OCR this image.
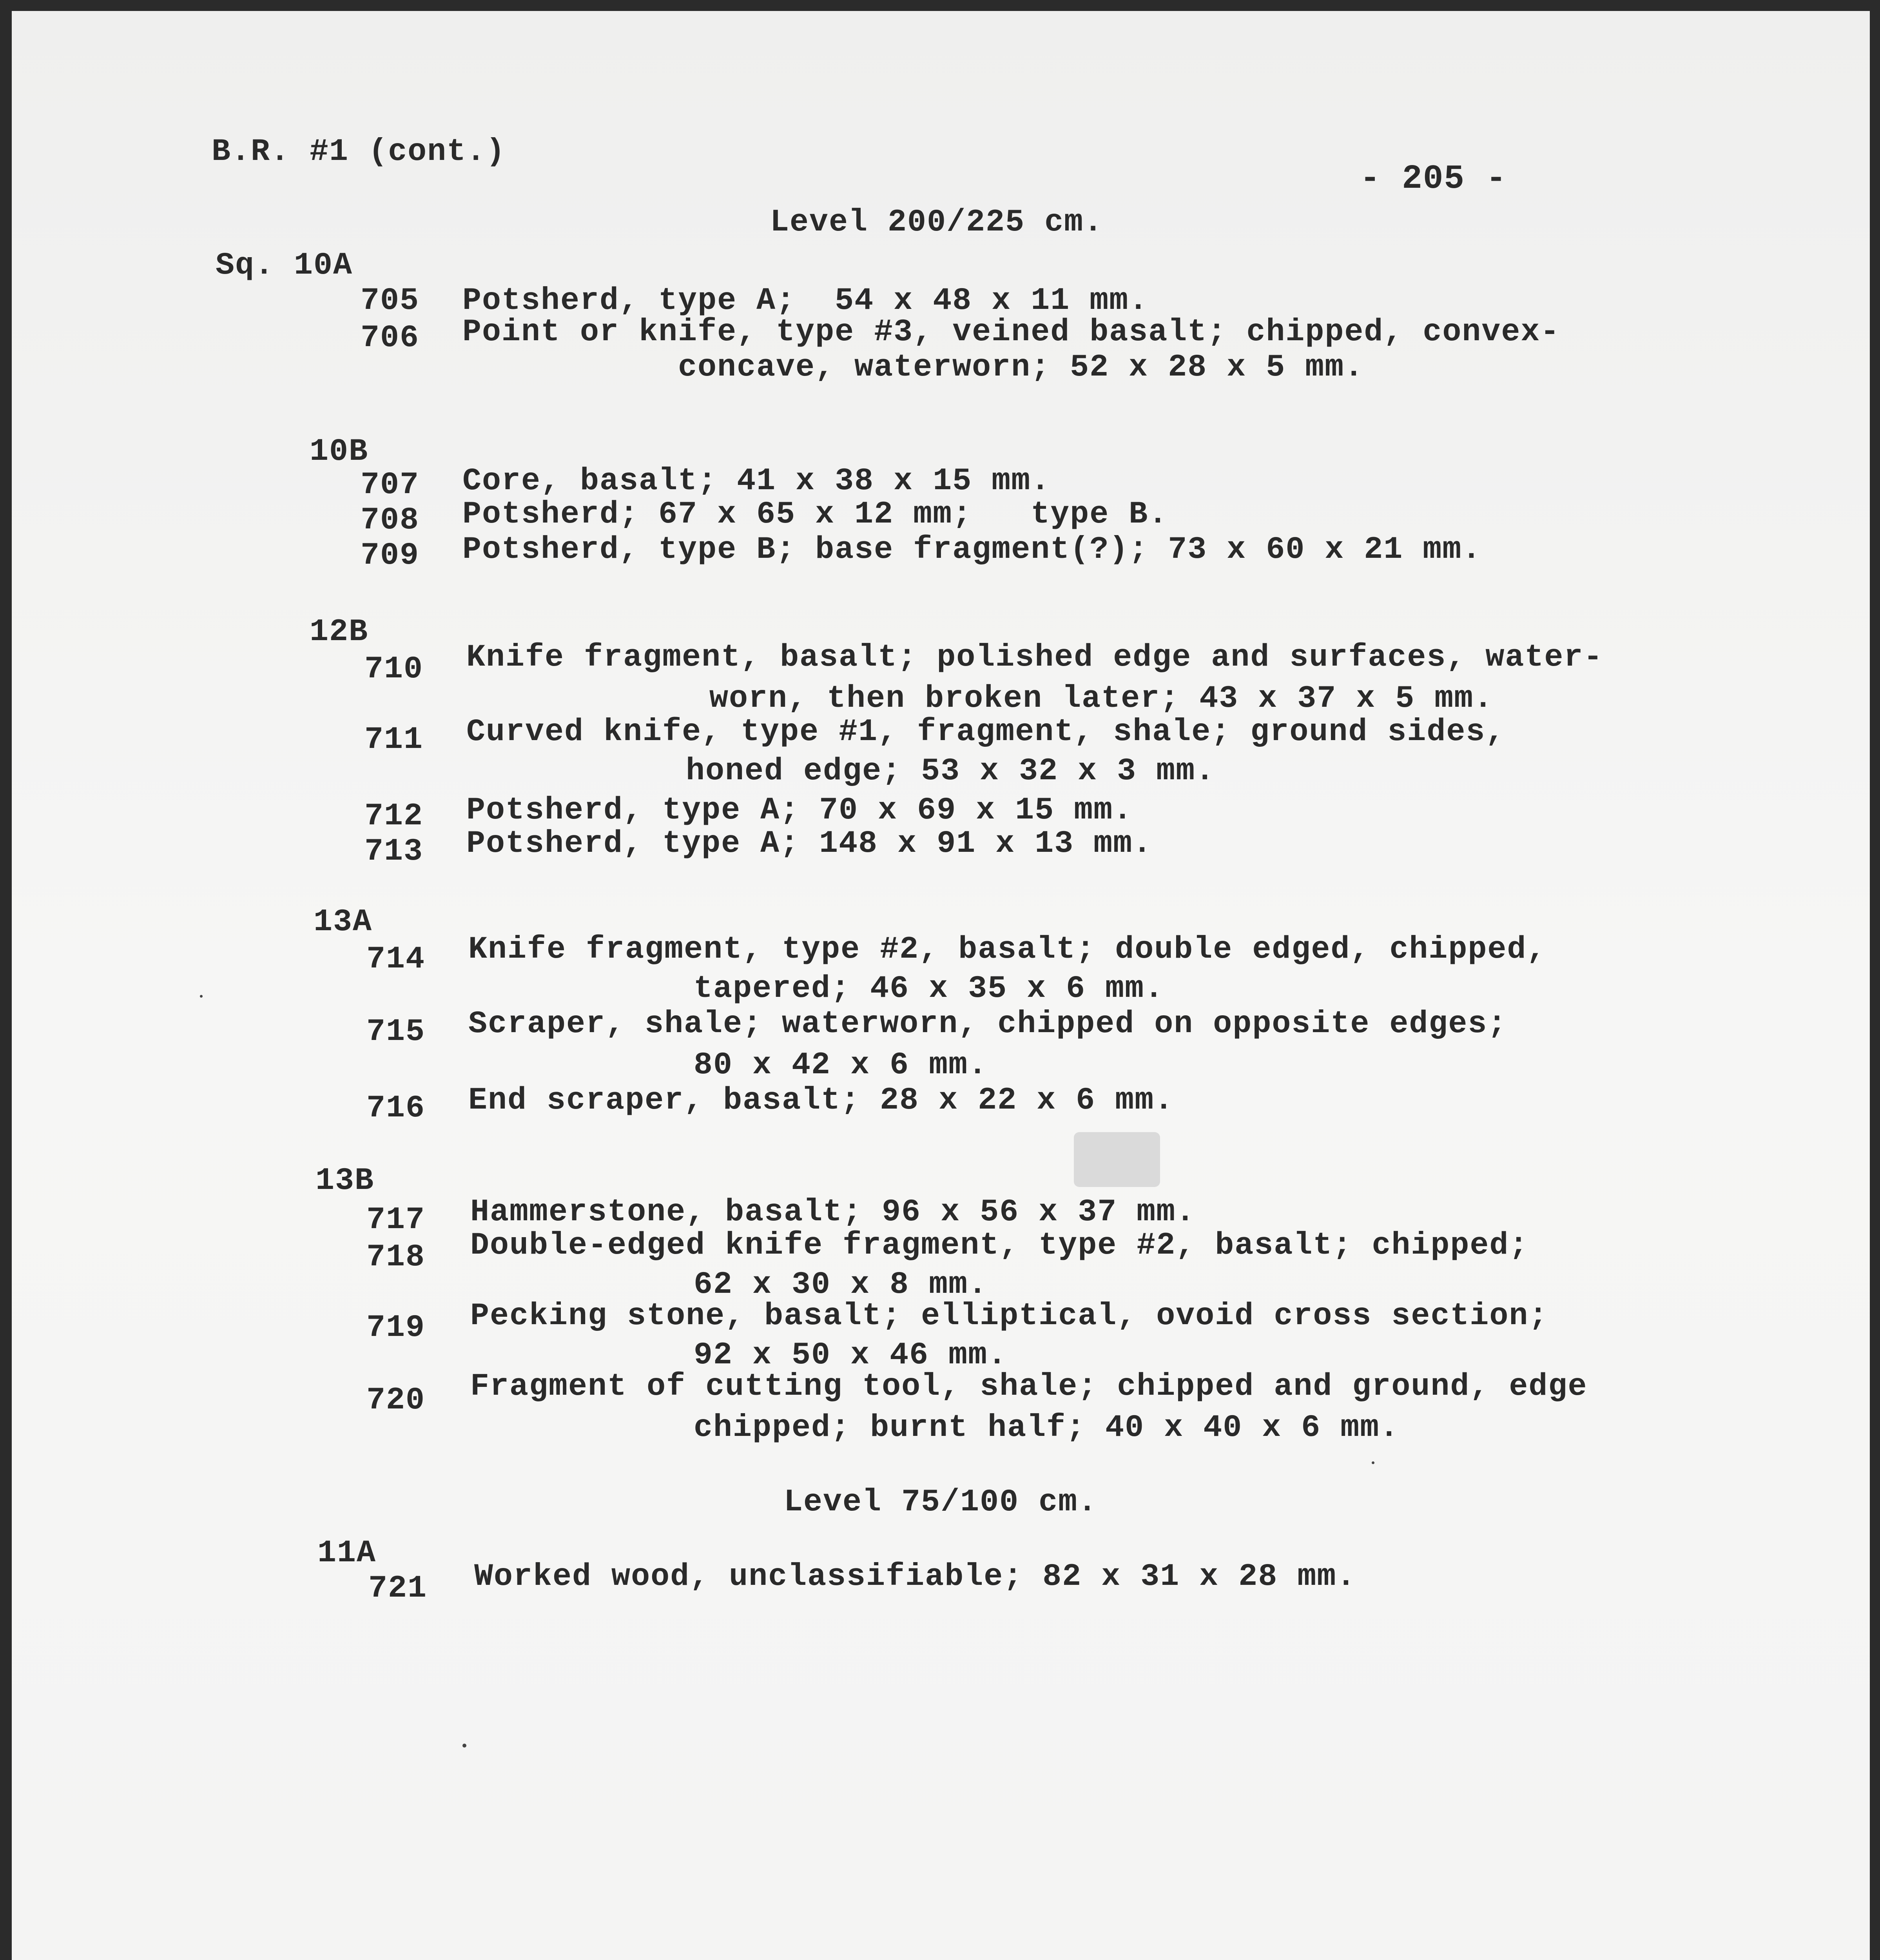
B.R. #1 (cont.)
- 205 -
Level 200/225 cm.
Sq. 10A
705 Potsherd, type A;  54 x 48 x 11 mm.
706 Point or knife, type #3, veined basalt; chipped, convex-
concave, waterworn; 52 x 28 x 5 mm.
10B
707 Core, basalt; 41 x 38 x 15 mm.
708 Potsherd; 67 x 65 x 12 mm;   type B.
709 Potsherd, type B; base fragment(?); 73 x 60 x 21 mm.
12B
710 Knife fragment, basalt; polished edge and surfaces, water-
worn, then broken later; 43 x 37 x 5 mm.
711 Curved knife, type #1, fragment, shale; ground sides,
honed edge; 53 x 32 x 3 mm.
712 Potsherd, type A; 70 x 69 x 15 mm.
713 Potsherd, type A; 148 x 91 x 13 mm.
13A
714 Knife fragment, type #2, basalt; double edged, chipped,
tapered; 46 x 35 x 6 mm.
715 Scraper, shale; waterworn, chipped on opposite edges;
80 x 42 x 6 mm.
716 End scraper, basalt; 28 x 22 x 6 mm.
13B
717 Hammerstone, basalt; 96 x 56 x 37 mm.
718 Double-edged knife fragment, type #2, basalt; chipped;
62 x 30 x 8 mm.
719 Pecking stone, basalt; elliptical, ovoid cross section;
92 x 50 x 46 mm.
720 Fragment of cutting tool, shale; chipped and ground, edge
chipped; burnt half; 40 x 40 x 6 mm.
Level 75/100 cm.
11A
721 Worked wood, unclassifiable; 82 x 31 x 28 mm.
